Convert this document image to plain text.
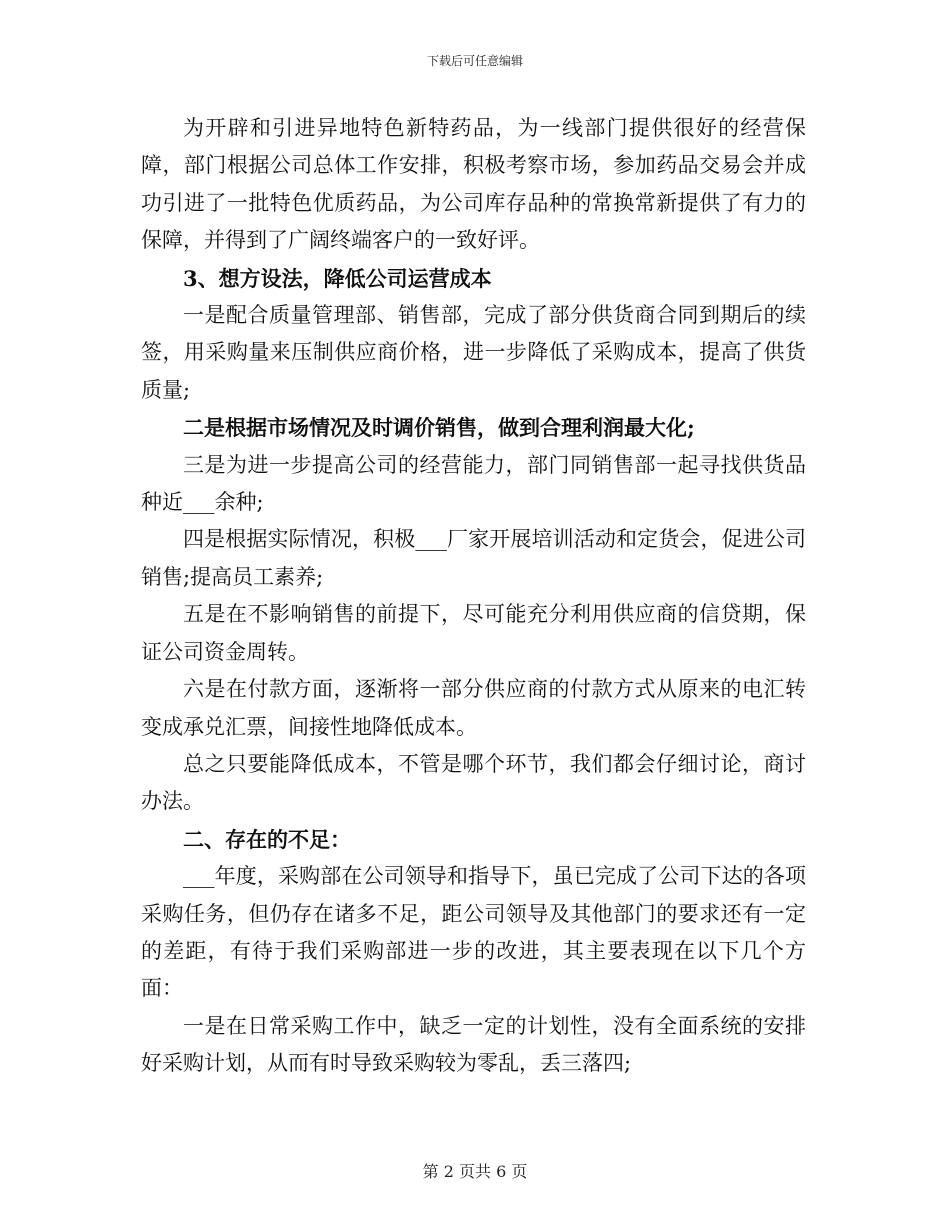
下载后可任意编辑

为开辟和引进异地特色新特药品，为一线部门提供很好的经营保障，部门根据公司总体工作安排，积极考察市场，参加药品交易会并成功引进了一批特色优质药品，为公司库存品种的常换常新提供了有力的保障，并得到了广阔终端客户的一致好评。

3、想方设法，降低公司运营成本

一是配合质量管理部、销售部，完成了部分供货商合同到期后的续签，用采购量来压制供应商价格，进一步降低了采购成本，提高了供货质量;

二是根据市场情况及时调价销售，做到合理利润最大化;

三是为进一步提高公司的经营能力，部门同销售部一起寻找供货品种近___余种;

四是根据实际情况，积极___厂家开展培训活动和定货会，促进公司销售;提高员工素养;

五是在不影响销售的前提下，尽可能充分利用供应商的信贷期，保证公司资金周转。

六是在付款方面，逐渐将一部分供应商的付款方式从原来的电汇转变成承兑汇票，间接性地降低成本。

总之只要能降低成本，不管是哪个环节，我们都会仔细讨论，商讨办法。

二、存在的不足：

___年度，采购部在公司领导和指导下，虽已完成了公司下达的各项采购任务，但仍存在诸多不足，距公司领导及其他部门的要求还有一定的差距，有待于我们采购部进一步的改进，其主要表现在以下几个方面：

一是在日常采购工作中，缺乏一定的计划性，没有全面系统的安排好采购计划，从而有时导致采购较为零乱，丢三落四;

第 2 页共 6 页
